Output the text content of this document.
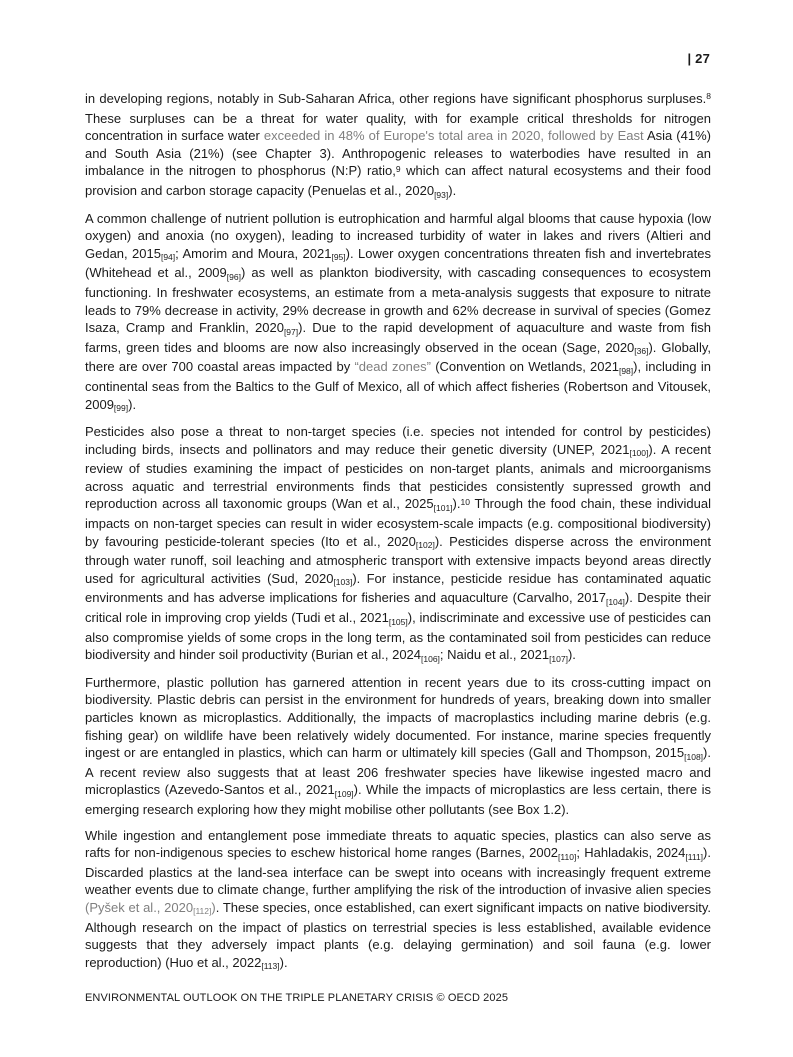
| 27

in developing regions, notably in Sub-Saharan Africa, other regions have significant phosphorus surpluses.$^8$ These surpluses can be a threat for water quality, with for example critical thresholds for nitrogen concentration in surface water exceeded in 48% of Europe's total area in 2020, followed by East Asia (41%) and South Asia (21%) (see Chapter 3). Anthropogenic releases to waterbodies have resulted in an imbalance in the nitrogen to phosphorus (N:P) ratio,$^9$ which can affect natural ecosystems and their food provision and carbon storage capacity (Penuelas et al., 2020[93]).

A common challenge of nutrient pollution is eutrophication and harmful algal blooms that cause hypoxia (low oxygen) and anoxia (no oxygen), leading to increased turbidity of water in lakes and rivers (Altieri and Gedan, 2015[94]; Amorim and Moura, 2021[95]). Lower oxygen concentrations threaten fish and invertebrates (Whitehead et al., 2009[96]) as well as plankton biodiversity, with cascading consequences to ecosystem functioning. In freshwater ecosystems, an estimate from a meta-analysis suggests that exposure to nitrate leads to 79% decrease in activity, 29% decrease in growth and 62% decrease in survival of species (Gomez Isaza, Cramp and Franklin, 2020[97]). Due to the rapid development of aquaculture and waste from fish farms, green tides and blooms are now also increasingly observed in the ocean (Sage, 2020[36]). Globally, there are over 700 coastal areas impacted by “dead zones” (Convention on Wetlands, 2021[98]), including in continental seas from the Baltics to the Gulf of Mexico, all of which affect fisheries (Robertson and Vitousek, 2009[99]).

Pesticides also pose a threat to non-target species (i.e. species not intended for control by pesticides) including birds, insects and pollinators and may reduce their genetic diversity (UNEP, 2021[100]). A recent review of studies examining the impact of pesticides on non-target plants, animals and microorganisms across aquatic and terrestrial environments finds that pesticides consistently supressed growth and reproduction across all taxonomic groups (Wan et al., 2025[101]).$^{10}$ Through the food chain, these individual impacts on non-target species can result in wider ecosystem-scale impacts (e.g. compositional biodiversity) by favouring pesticide-tolerant species (Ito et al., 2020[102]). Pesticides disperse across the environment through water runoff, soil leaching and atmospheric transport with extensive impacts beyond areas directly used for agricultural activities (Sud, 2020[103]). For instance, pesticide residue has contaminated aquatic environments and has adverse implications for fisheries and aquaculture (Carvalho, 2017[104]). Despite their critical role in improving crop yields (Tudi et al., 2021[105]), indiscriminate and excessive use of pesticides can also compromise yields of some crops in the long term, as the contaminated soil from pesticides can reduce biodiversity and hinder soil productivity (Burian et al., 2024[106]; Naidu et al., 2021[107]).

Furthermore, plastic pollution has garnered attention in recent years due to its cross-cutting impact on biodiversity. Plastic debris can persist in the environment for hundreds of years, breaking down into smaller particles known as microplastics. Additionally, the impacts of macroplastics including marine debris (e.g. fishing gear) on wildlife have been relatively widely documented. For instance, marine species frequently ingest or are entangled in plastics, which can harm or ultimately kill species (Gall and Thompson, 2015[108]). A recent review also suggests that at least 206 freshwater species have likewise ingested macro and microplastics (Azevedo-Santos et al., 2021[109]). While the impacts of microplastics are less certain, there is emerging research exploring how they might mobilise other pollutants (see Box 1.2).

While ingestion and entanglement pose immediate threats to aquatic species, plastics can also serve as rafts for non-indigenous species to eschew historical home ranges (Barnes, 2002[110]; Hahladakis, 2024[111]). Discarded plastics at the land-sea interface can be swept into oceans with increasingly frequent extreme weather events due to climate change, further amplifying the risk of the introduction of invasive alien species (Pyšek et al., 2020[112]). These species, once established, can exert significant impacts on native biodiversity. Although research on the impact of plastics on terrestrial species is less established, available evidence suggests that they adversely impact plants (e.g. delaying germination) and soil fauna (e.g. lower reproduction) (Huo et al., 2022[113]).

ENVIRONMENTAL OUTLOOK ON THE TRIPLE PLANETARY CRISIS © OECD 2025
